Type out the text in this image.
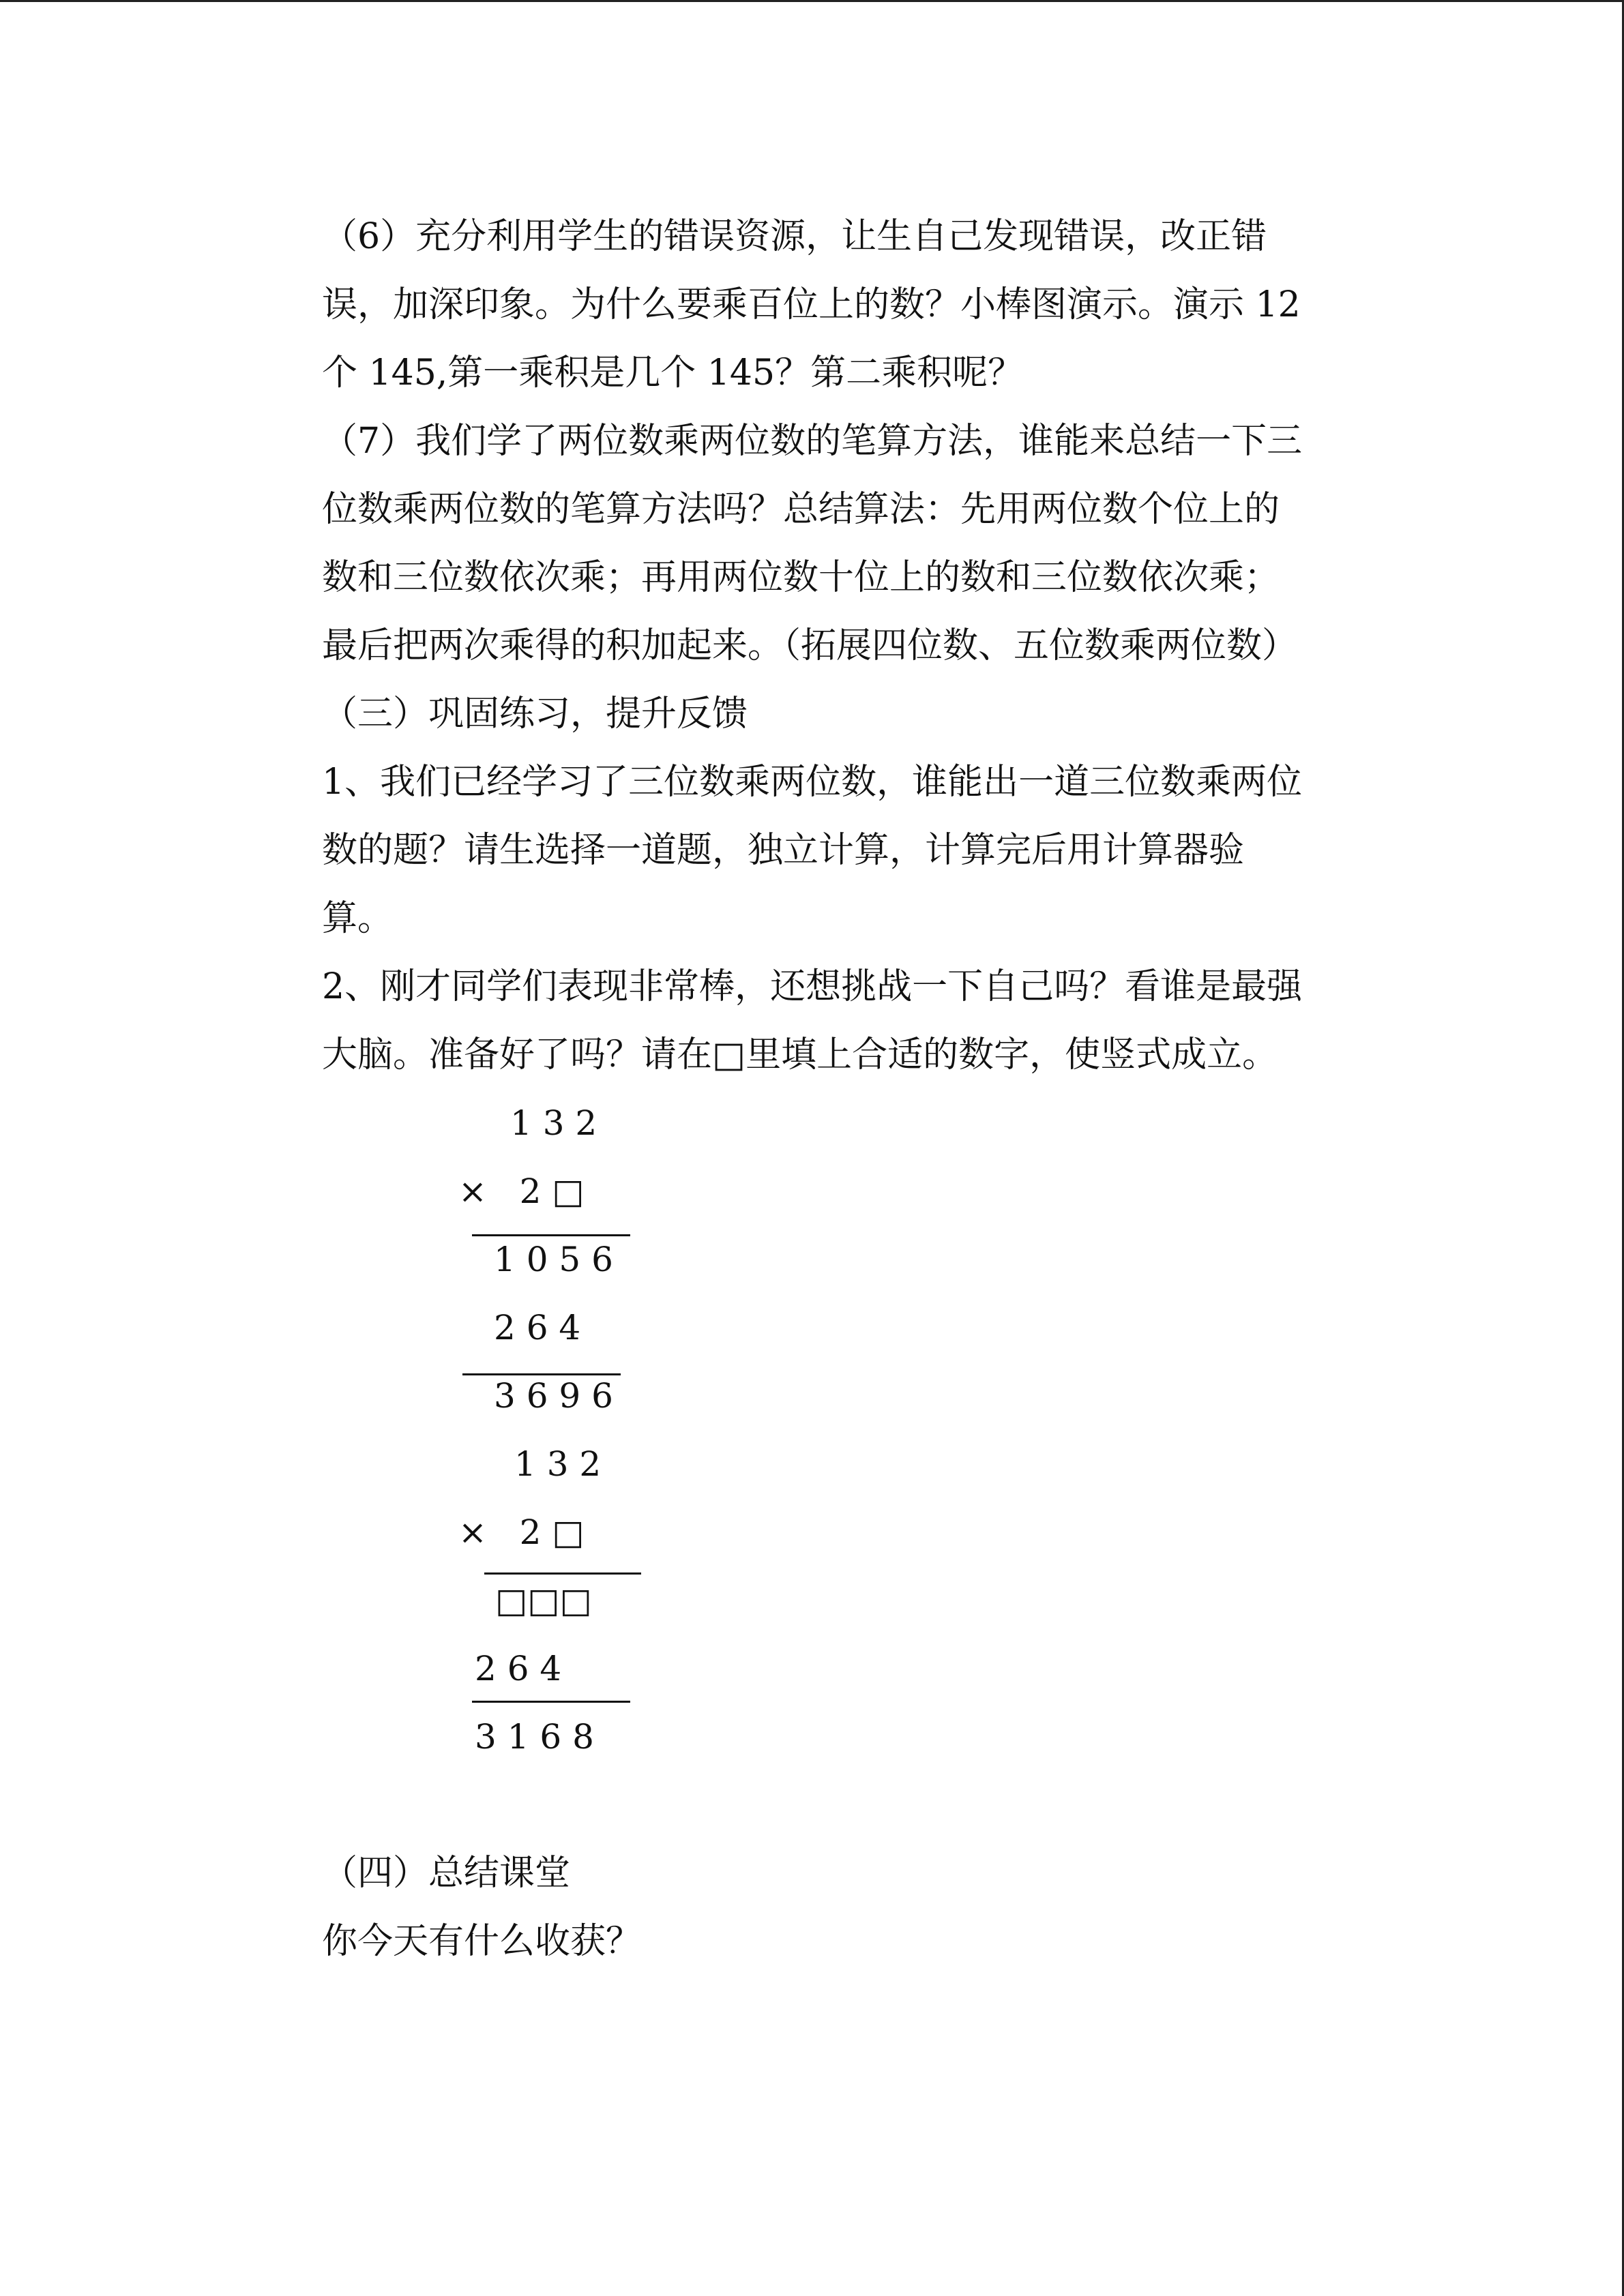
（6）充分利用学生的错误资源，让生自己发现错误，改正错
误，加深印象。为什么要乘百位上的数？小棒图演示。演示 12
个 145,第一乘积是几个 145？第二乘积呢？
（7）我们学了两位数乘两位数的笔算方法，谁能来总结一下三
位数乘两位数的笔算方法吗？总结算法：先用两位数个位上的
数和三位数依次乘；再用两位数十位上的数和三位数依次乘；
最后把两次乘得的积加起来。（拓展四位数、五位数乘两位数）
（三）巩固练习，提升反馈
1、我们已经学习了三位数乘两位数，谁能出一道三位数乘两位
数的题？请生选择一道题，独立计算，计算完后用计算器验
算。
2、刚才同学们表现非常棒，还想挑战一下自己吗？看谁是最强
大脑。准备好了吗？请在□里填上合适的数字，使竖式成立。
1 3 2
×   2 □
1 0 5 6
2 6 4
3 6 9 6
1 3 2
×   2 □
□□□
2 6 4
3 1 6 8
（四）总结课堂
你今天有什么收获？
